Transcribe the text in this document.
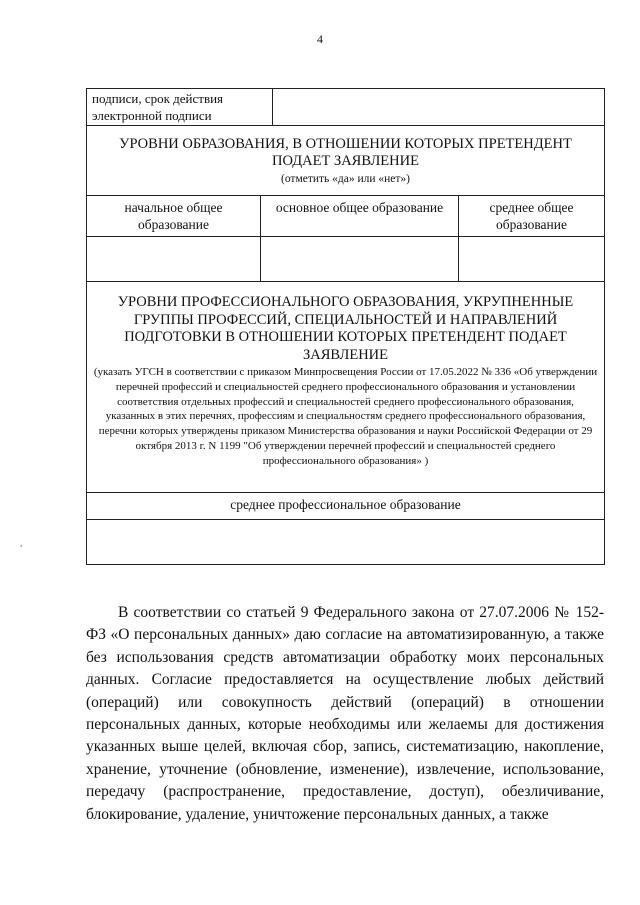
4
,
подписи, срок действия электронной подписи			

УРОВНИ ОБРАЗОВАНИЯ, В ОТНОШЕНИИ КОТОРЫХ ПРЕТЕНДЕНТ ПОДАЕТ ЗАЯВЛЕНИЕ
(отметить «да» или «нет»)			

начальное общее образование	основное общее образование		среднее общее образование

УРОВНИ ПРОФЕССИОНАЛЬНОГО ОБРАЗОВАНИЯ, УКРУПНЕННЫЕ ГРУППЫ ПРОФЕССИЙ, СПЕЦИАЛЬНОСТЕЙ И НАПРАВЛЕНИЙ ПОДГОТОВКИ В ОТНОШЕНИИ КОТОРЫХ ПРЕТЕНДЕНТ ПОДАЕТ ЗАЯВЛЕНИЕ
(указать УГСН в соответствии с приказом Минпросвещения России от 17.05.2022 № 336 «Об утверждении перечней профессий и специальностей среднего профессионального образования и установлении соответствия отдельных профессий и специальностей среднего профессионального образования, указанных в этих перечнях, профессиям и специальностям среднего профессионального образования, перечни которых утверждены приказом Министерства образования и науки Российской Федерации от 29 октября 2013 г. N 1199 "Об утверждении перечней профессий и специальностей среднего профессионального образования» )			

среднее профессиональное образование			

В соответствии со статьей 9 Федерального закона от 27.07.2006 № 152-ФЗ «О персональных данных» даю согласие на автоматизированную, а также без использования средств автоматизации обработку моих персональных данных. Согласие предоставляется на осуществление любых действий (операций) или совокупность действий (операций) в отношении персональных данных, которые необходимы или желаемы для достижения указанных выше целей, включая сбор, запись, систематизацию, накопление, хранение, уточнение (обновление, изменение), извлечение, использование, передачу (распространение, предоставление, доступ), обезличивание, блокирование, удаление, уничтожение персональных данных, а также
